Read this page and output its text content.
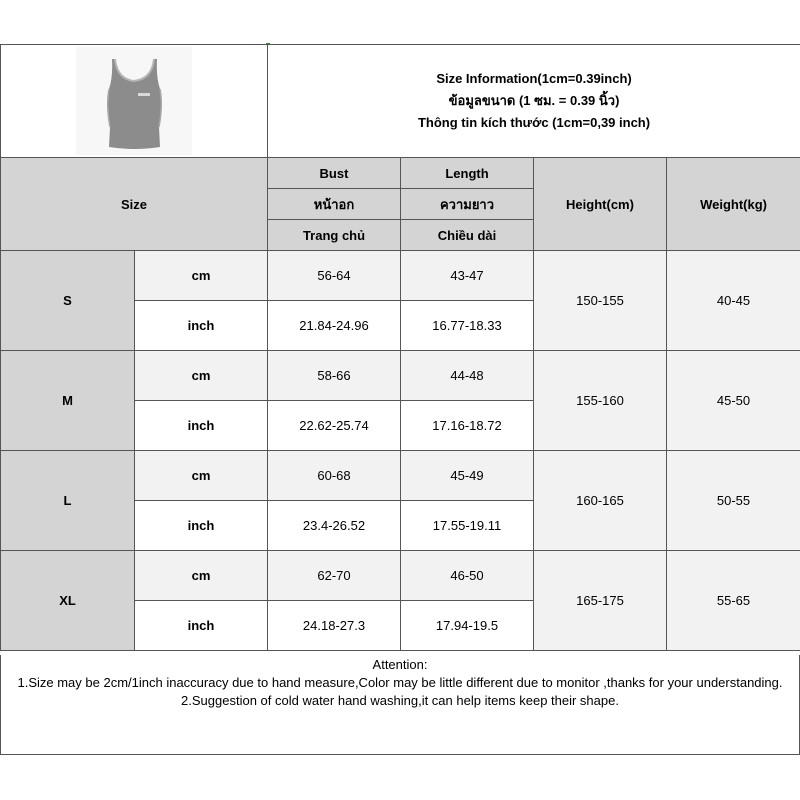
Size Information(1cm=0.39inch)
ข้อมูลขนาด (1 ซม. = 0.39 นิ้ว)
Thông tin kích thước (1cm=0,39 inch)			

Size		Bust	Length	Height(cm)	Weight(kg)
		หน้าอก	ความยาว		
		Trang chủ	Chiều dài		
S	cm	56-64	43-47	150-155	40-45
	inch	21.84-24.96	16.77-18.33		
M	cm	58-66	44-48	155-160	45-50
	inch	22.62-25.74	17.16-18.72		
L	cm	60-68	45-49	160-165	50-55
	inch	23.4-26.52	17.55-19.11		
XL	cm	62-70	46-50	165-175	55-65
	inch	24.18-27.3	17.94-19.5		
Attention:
1.Size may be 2cm/1inch inaccuracy due to hand measure,Color may be little different due to monitor ,thanks for your understanding.
2.Suggestion of cold water hand washing,it can help items keep their shape.
